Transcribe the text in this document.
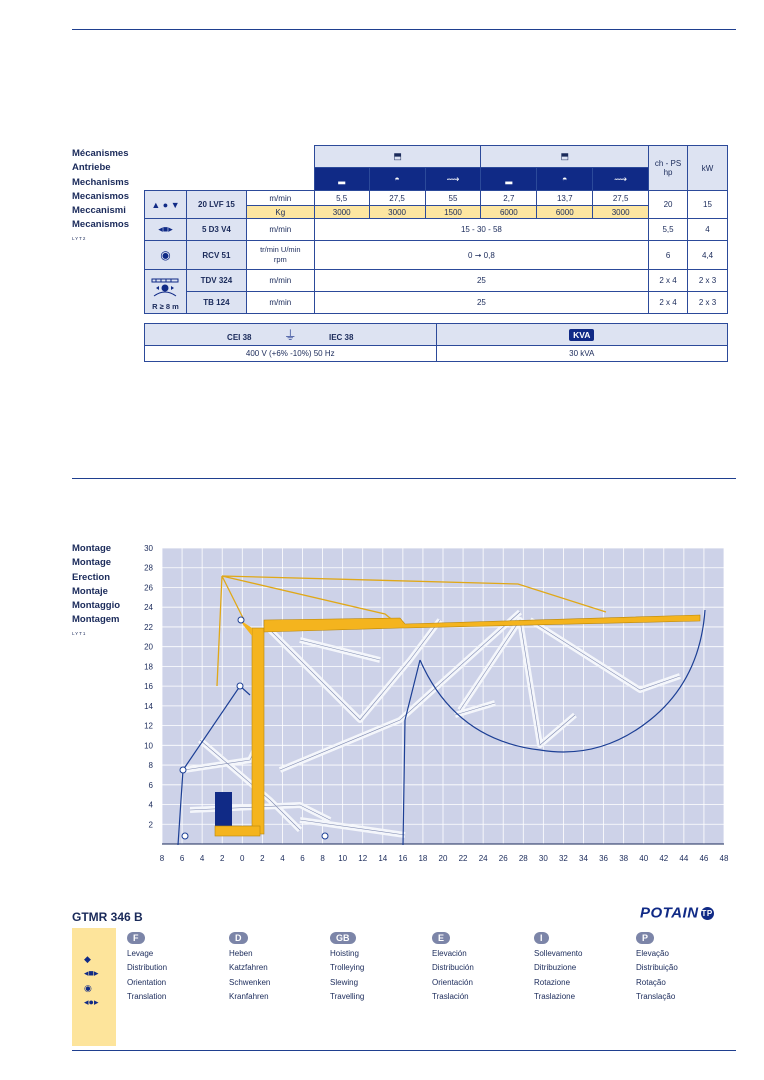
Mécanismes
Antriebe
Mechanisms
Mecanismos
Meccanismi
Mecanismos
LYT2
			⬒			⬒			ch - PS
hp	kW
			▂	◓	⟿	▂	◓	⟿		
▲ ● ▼	20 LVF 15	m/min	5,5	27,5	55	2,7	13,7	27,5	20	15
		Kg	3000	3000	1500	6000	6000	3000		
◂■▸	5 D3 V4	m/min	15 - 30 - 58						5,5	4
◉	RCV 51	tr/min U/min rpm	0 ➞ 0,8						6	4,4

R ≥ 8 m	TDV 324	m/min	25						2 x 4	2 x 3
	TB 124	m/min	25						2 x 4	2 x 3
CEI 38 ⏚ IEC 38	KVA
400 V (+6% -10%) 50 Hz	30 kVA
Montage
Montage
Erection
Montaje
Montaggio
Montagem
LYT1
30
28
26
24
22
20
18
16
14
12
10
8
6
4
2
8 6 4 2 0 2 4 6 8 10 12 14 16 18 20 22 24 26 28 30 32 34 36 38 40 42 44 46 48
GTMR 346 B	POTAIN TP
◆
◂■▸
◉
◂●▸
F
Levage
Distribution
Orientation
Translation
D
Heben
Katzfahren
Schwenken
Kranfahren
GB
Hoisting
Trolleying
Slewing
Travelling
E
Elevación
Distribución
Orientación
Traslación
I
Sollevamento
Ditribuzione
Rotazione
Traslazione
P
Elevação
Distribuição
Rotação
Translação
